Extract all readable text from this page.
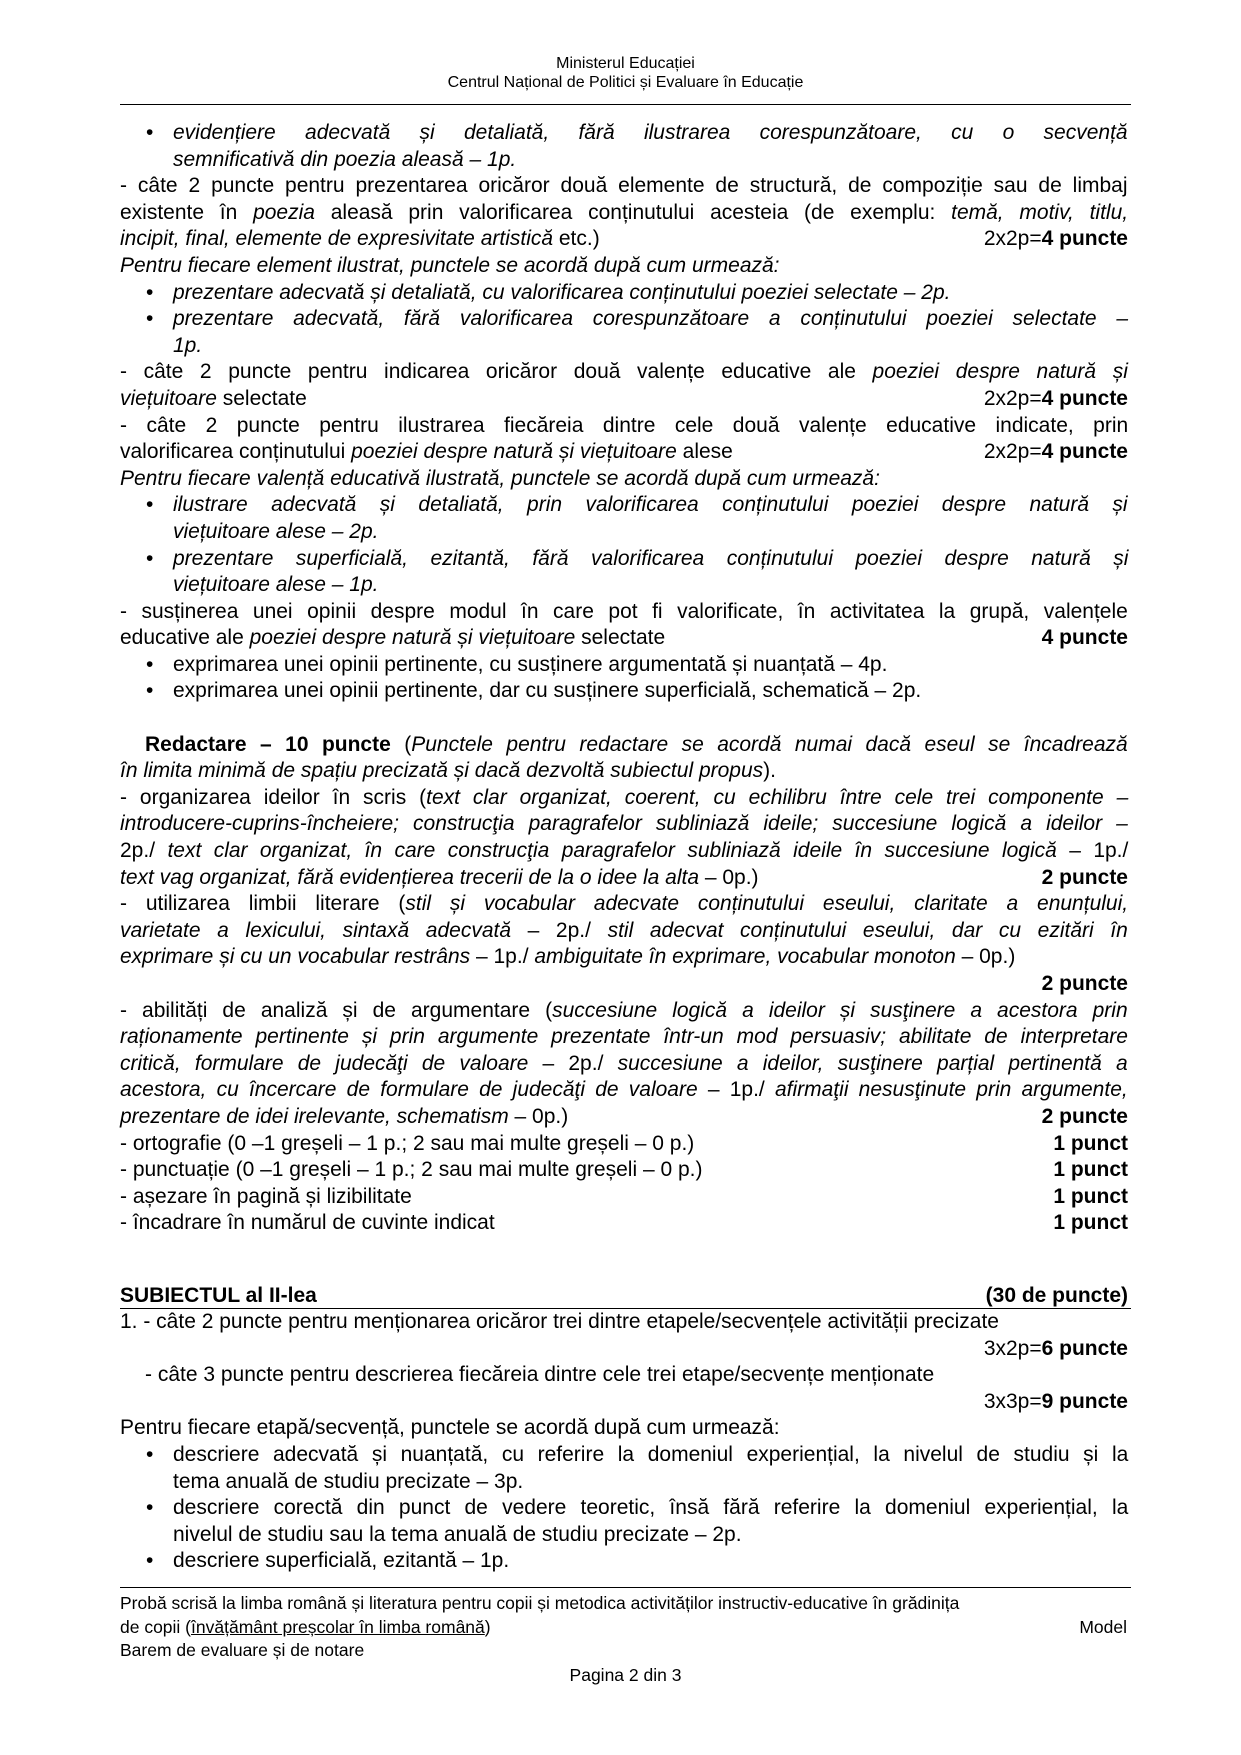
Ministerul Educației
Centrul Național de Politici și Evaluare în Educație
• evidențiere adecvată și detaliată, fără ilustrarea corespunzătoare, cu o secvență
semnificativă din poezia aleasă – 1p.
- câte 2 puncte pentru prezentarea oricăror două elemente de structură, de compoziție sau de limbaj
existente în poezia aleasă prin valorificarea conținutului acesteia (de exemplu: temă, motiv, titlu,
incipit, final, elemente de expresivitate artistică etc.)	2x2p=4 puncte
Pentru fiecare element ilustrat, punctele se acordă după cum urmează:
• prezentare adecvată și detaliată, cu valorificarea conținutului poeziei selectate – 2p.
• prezentare adecvată, fără valorificarea corespunzătoare a conținutului poeziei selectate –
1p.
- câte 2 puncte pentru indicarea oricăror două valențe educative ale poeziei despre natură și
viețuitoare selectate	2x2p=4 puncte
- câte 2 puncte pentru ilustrarea fiecăreia dintre cele două valențe educative indicate, prin
valorificarea conținutului poeziei despre natură și viețuitoare alese	2x2p=4 puncte
Pentru fiecare valență educativă ilustrată, punctele se acordă după cum urmează:
• ilustrare adecvată și detaliată, prin valorificarea conținutului poeziei despre natură și
viețuitoare alese – 2p.
• prezentare superficială, ezitantă, fără valorificarea conținutului poeziei despre natură și
viețuitoare alese – 1p.
- susținerea unei opinii despre modul în care pot fi valorificate, în activitatea la grupă, valențele
educative ale poeziei despre natură și viețuitoare selectate	4 puncte
• exprimarea unei opinii pertinente, cu susținere argumentată și nuanțată – 4p.
• exprimarea unei opinii pertinente, dar cu susținere superficială, schematică – 2p.
Redactare – 10 puncte (Punctele pentru redactare se acordă numai dacă eseul se încadrează
în limita minimă de spațiu precizată și dacă dezvoltă subiectul propus).
- organizarea ideilor în scris (text clar organizat, coerent, cu echilibru între cele trei componente –
introducere-cuprins-încheiere; construcţia paragrafelor subliniază ideile; succesiune logică a ideilor –
2p./ text clar organizat, în care construcţia paragrafelor subliniază ideile în succesiune logică – 1p./
text vag organizat, fără evidențierea trecerii de la o idee la alta – 0p.)	2 puncte
- utilizarea limbii literare (stil și vocabular adecvate conținutului eseului, claritate a enunțului,
varietate a lexicului, sintaxă adecvată – 2p./ stil adecvat conținutului eseului, dar cu ezitări în
exprimare și cu un vocabular restrâns – 1p./ ambiguitate în exprimare, vocabular monoton – 0p.)
2 puncte
- abilități de analiză și de argumentare (succesiune logică a ideilor și susţinere a acestora prin
raționamente pertinente și prin argumente prezentate într-un mod persuasiv; abilitate de interpretare
critică, formulare de judecăţi de valoare – 2p./ succesiune a ideilor, susţinere parțial pertinentă a
acestora, cu încercare de formulare de judecăţi de valoare – 1p./ afirmaţii nesusţinute prin argumente,
prezentare de idei irelevante, schematism – 0p.)	2 puncte
- ortografie (0 –1 greșeli – 1 p.; 2 sau mai multe greșeli – 0 p.)	1 punct
- punctuație (0 –1 greșeli – 1 p.; 2 sau mai multe greșeli – 0 p.)	1 punct
- așezare în pagină și lizibilitate	1 punct
- încadrare în numărul de cuvinte indicat	1 punct
SUBIECTUL al II-lea	(30 de puncte)
1. - câte 2 puncte pentru menționarea oricăror trei dintre etapele/secvențele activității precizate
3x2p=6 puncte
- câte 3 puncte pentru descrierea fiecăreia dintre cele trei etape/secvențe menționate
3x3p=9 puncte
Pentru fiecare etapă/secvență, punctele se acordă după cum urmează:
• descriere adecvată și nuanțată, cu referire la domeniul experiențial, la nivelul de studiu și la
tema anuală de studiu precizate – 3p.
• descriere corectă din punct de vedere teoretic, însă fără referire la domeniul experiențial, la
nivelul de studiu sau la tema anuală de studiu precizate – 2p.
• descriere superficială, ezitantă – 1p.
Probă scrisă la limba română și literatura pentru copii și metodica activităților instructiv-educative în grădinița
de copii (învățământ preșcolar în limba română)	Model
Barem de evaluare și de notare
Pagina 2 din 3
